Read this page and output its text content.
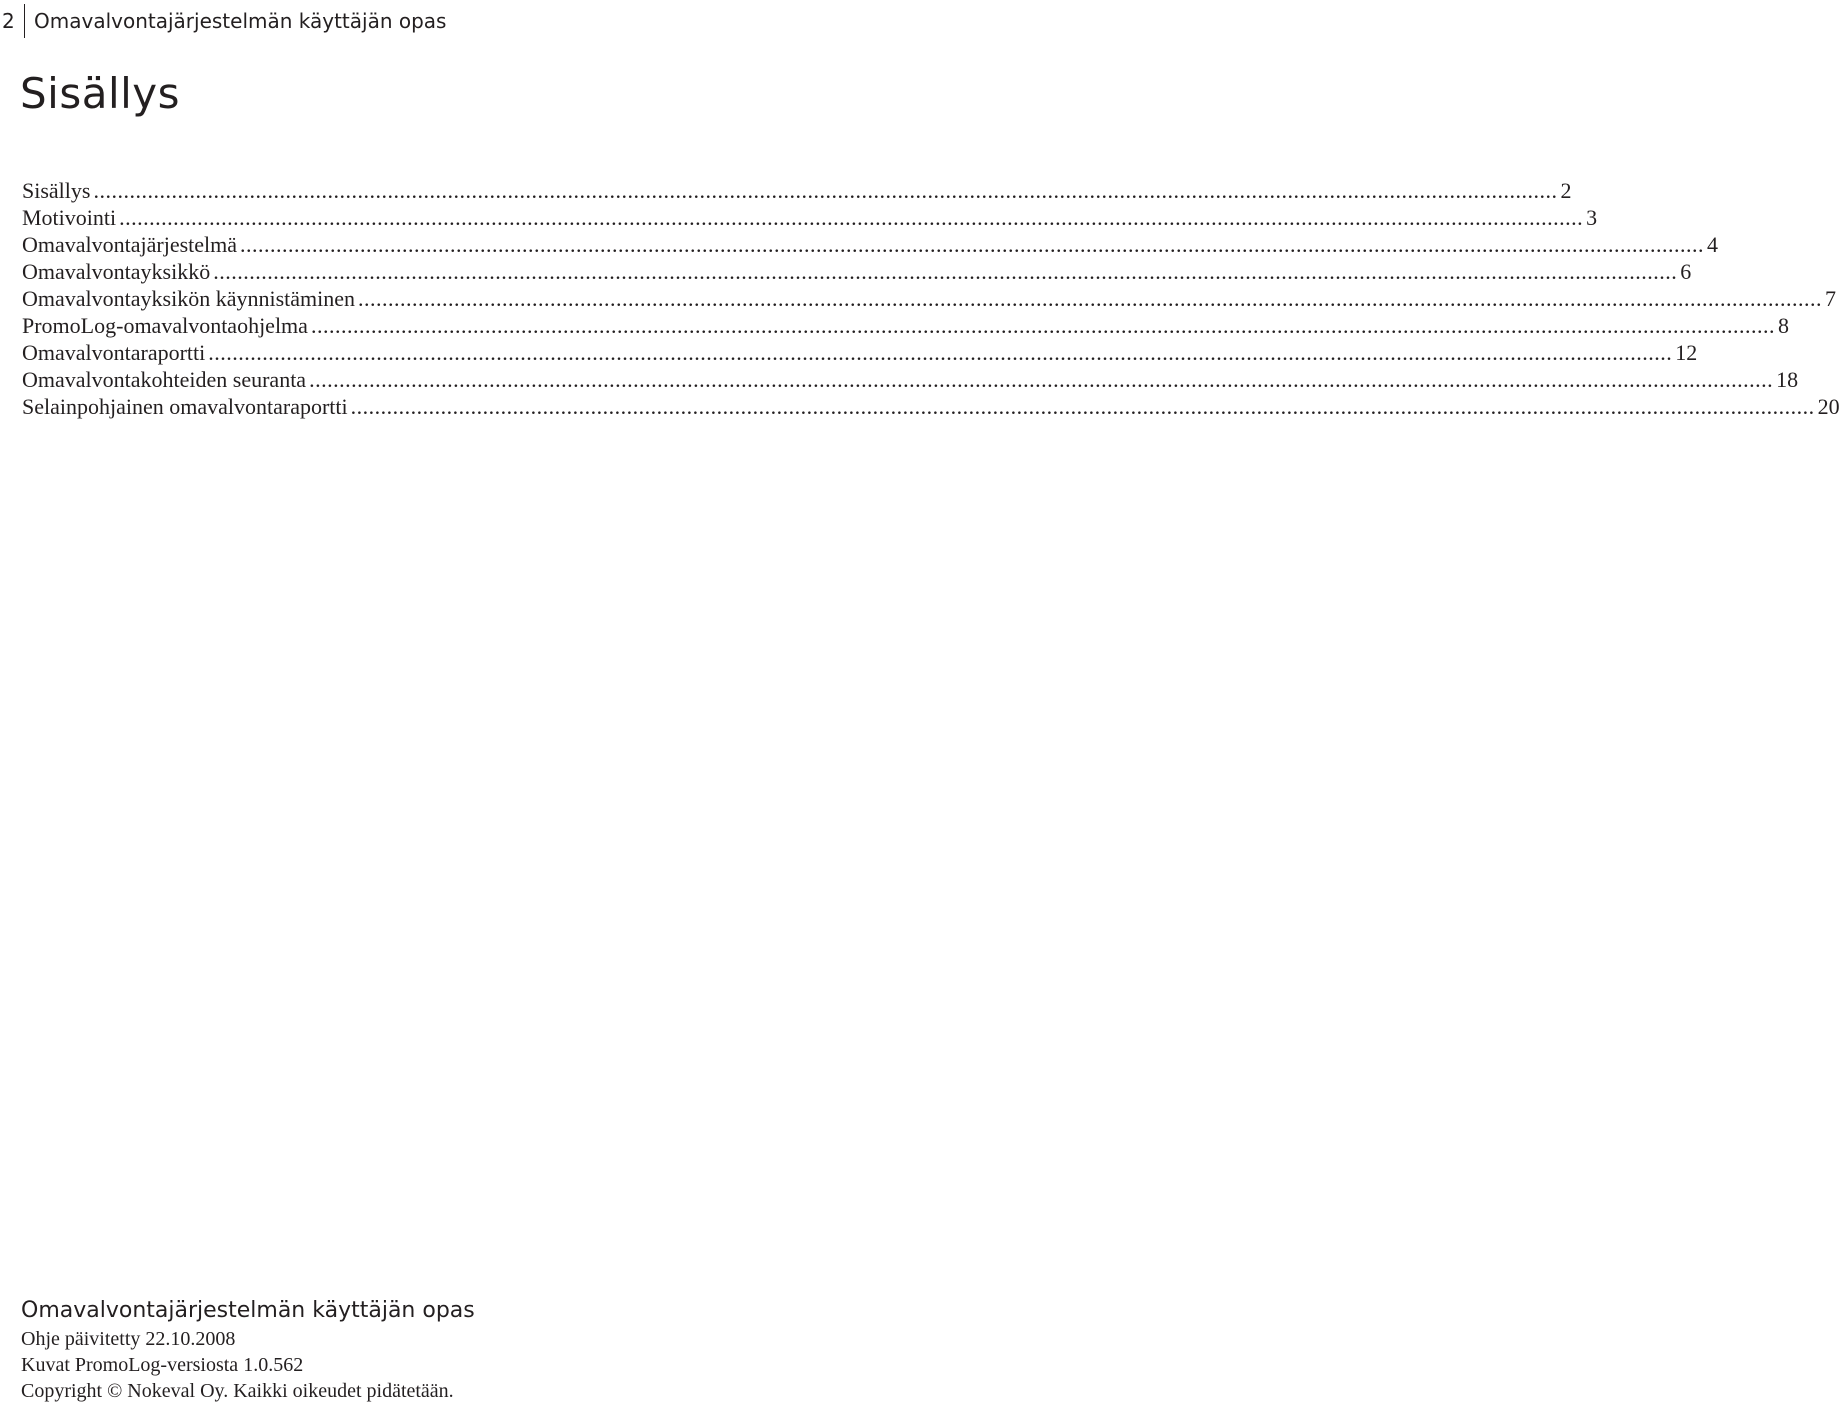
2 Omavalvontajärjestelmän käyttäjän opas
Sisällys
Sisällys .....	2
Motivointi .....	3
Omavalvontajärjestelmä .....	4
Omavalvontayksikkö .....	6
Omavalvontayksikön käynnistäminen .....	7
PromoLog-omavalvontaohjelma .....	8
Omavalvontaraportti .....	12
Omavalvontakohteiden seuranta .....	18
Selainpohjainen omavalvontaraportti .....	20
Omavalvontajärjestelmän käyttäjän opas
Ohje päivitetty 22.10.2008
Kuvat PromoLog-versiosta 1.0.562
Copyright © Nokeval Oy. Kaikki oikeudet pidätetään.
